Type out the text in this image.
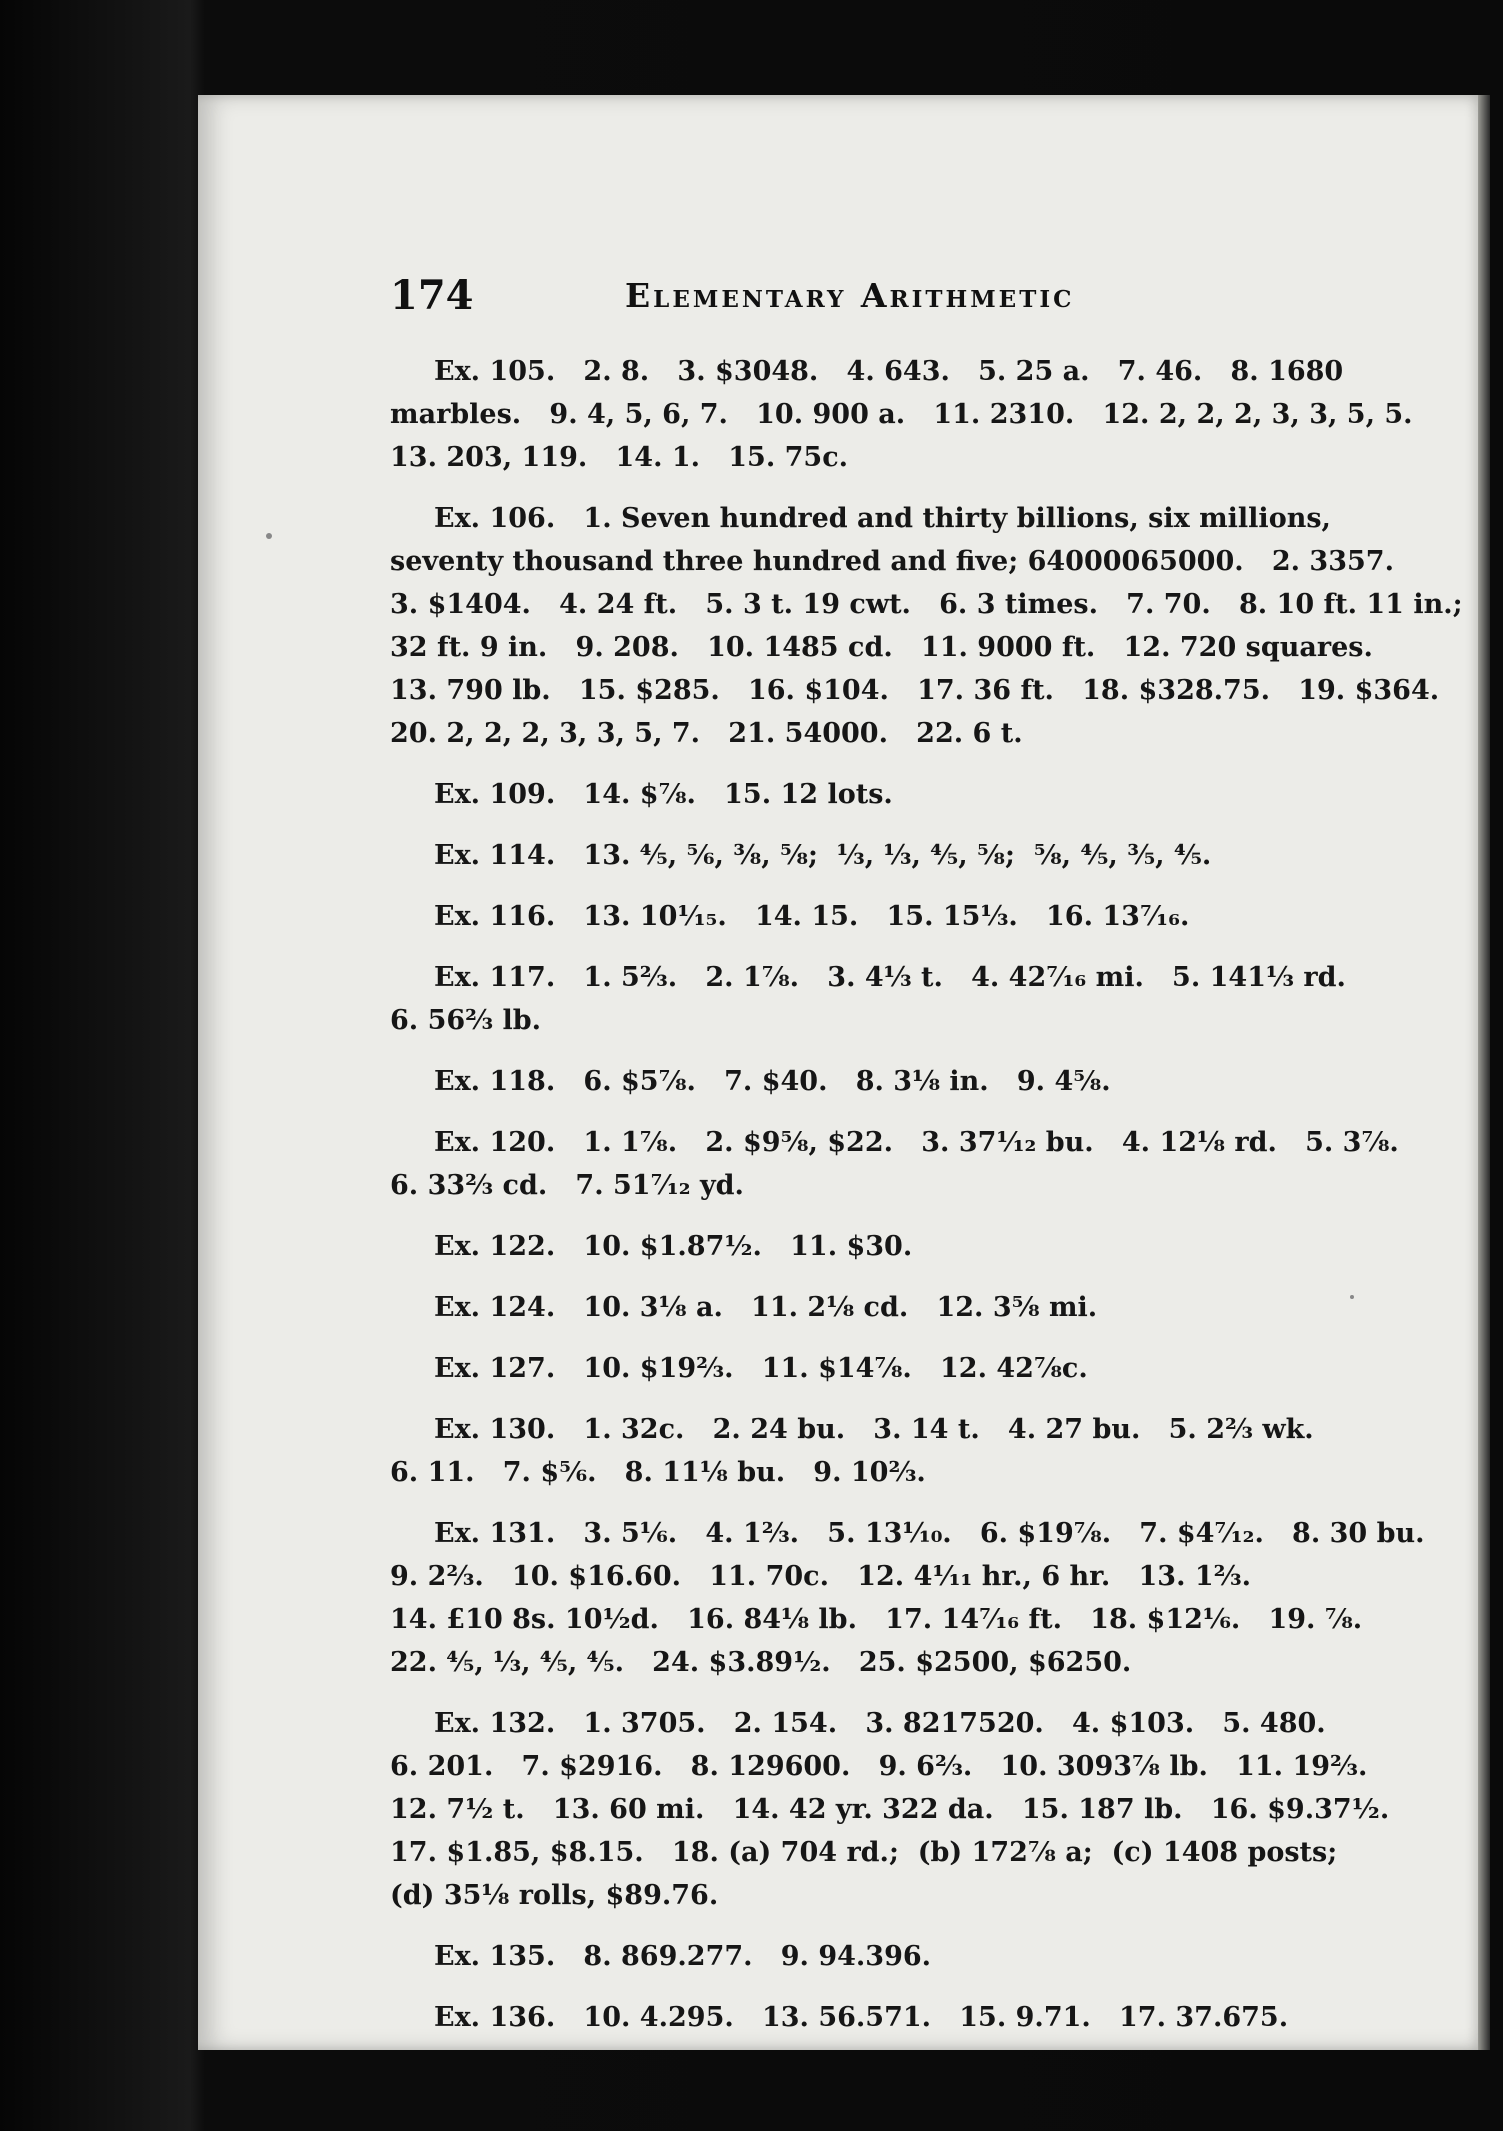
174	Elementary Arithmetic
Ex. 105.   2. 8.   3. $3048.   4. 643.   5. 25 a.   7. 46.   8. 1680
marbles.   9. 4, 5, 6, 7.   10. 900 a.   11. 2310.   12. 2, 2, 2, 3, 3, 5, 5.
13. 203, 119.   14. 1.   15. 75c.
Ex. 106.   1. Seven hundred and thirty billions, six millions,
seventy thousand three hundred and five; 64000065000.   2. 3357.
3. $1404.   4. 24 ft.   5. 3 t. 19 cwt.   6. 3 times.   7. 70.   8. 10 ft. 11 in.;
32 ft. 9 in.   9. 208.   10. 1485 cd.   11. 9000 ft.   12. 720 squares.
13. 790 lb.   15. $285.   16. $104.   17. 36 ft.   18. $328.75.   19. $364.
20. 2, 2, 2, 3, 3, 5, 7.   21. 54000.   22. 6 t.
Ex. 109.   14. $⅞.   15. 12 lots.
Ex. 114.   13. ⅘, ⅚, ⅜, ⅝;  ⅓, ⅓, ⅘, ⅝;  ⅝, ⅘, ⅗, ⅘.
Ex. 116.   13. 10¹⁄₁₅.   14. 15.   15. 15⅓.   16. 13⁷⁄₁₆.
Ex. 117.   1. 5⅔.   2. 1⅞.   3. 4⅓ t.   4. 42⁷⁄₁₆ mi.   5. 141⅓ rd.
6. 56⅔ lb.
Ex. 118.   6. $5⅞.   7. $40.   8. 3⅛ in.   9. 4⅝.
Ex. 120.   1. 1⅞.   2. $9⅝, $22.   3. 37¹⁄₁₂ bu.   4. 12⅛ rd.   5. 3⅞.
6. 33⅔ cd.   7. 51⁷⁄₁₂ yd.
Ex. 122.   10. $1.87½.   11. $30.
Ex. 124.   10. 3⅛ a.   11. 2⅛ cd.   12. 3⅝ mi.
Ex. 127.   10. $19⅔.   11. $14⅞.   12. 42⅞c.
Ex. 130.   1. 32c.   2. 24 bu.   3. 14 t.   4. 27 bu.   5. 2⅔ wk.
6. 11.   7. $⅚.   8. 11⅛ bu.   9. 10⅔.
Ex. 131.   3. 5⅙.   4. 1⅔.   5. 13⅒.   6. $19⅞.   7. $4⁷⁄₁₂.   8. 30 bu.
9. 2⅔.   10. $16.60.   11. 70c.   12. 4¹⁄₁₁ hr., 6 hr.   13. 1⅔.
14. £10 8s. 10½d.   16. 84⅛ lb.   17. 14⁷⁄₁₆ ft.   18. $12⅙.   19. ⅞.
22. ⅘, ⅓, ⅘, ⅘.   24. $3.89½.   25. $2500, $6250.
Ex. 132.   1. 3705.   2. 154.   3. 8217520.   4. $103.   5. 480.
6. 201.   7. $2916.   8. 129600.   9. 6⅔.   10. 3093⅞ lb.   11. 19⅔.
12. 7½ t.   13. 60 mi.   14. 42 yr. 322 da.   15. 187 lb.   16. $9.37½.
17. $1.85, $8.15.   18. (a) 704 rd.;  (b) 172⅞ a;  (c) 1408 posts;
(d) 35⅛ rolls, $89.76.
Ex. 135.   8. 869.277.   9. 94.396.
Ex. 136.   10. 4.295.   13. 56.571.   15. 9.71.   17. 37.675.
